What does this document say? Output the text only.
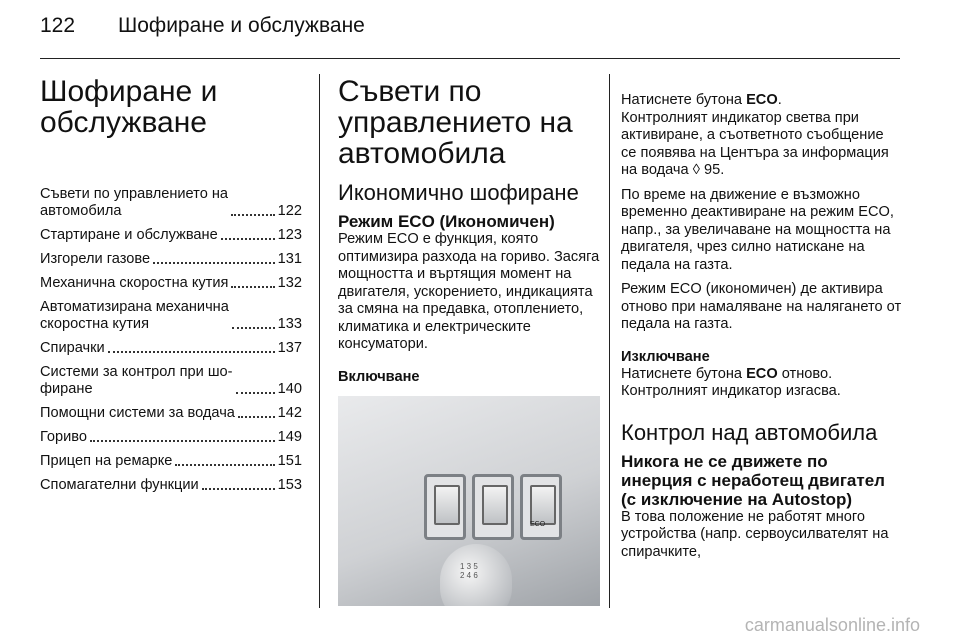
122 Шофиране и обслужване
Шофиране и
обслужване
Съвети по управлението на
автомобила	122
Стартиране и обслужване	123
Изгорели газове	131
Механична скоростна кутия	132
Автоматизирана механична
скоростна кутия	133
Спирачки	137
Системи за контрол при шо-
фиране	140
Помощни системи за водача	142
Гориво	149
Прицеп на ремарке	151
Спомагателни функции	153
Съвети по
управлението на
автомобила
Икономично шофиране
Режим ECO (Икономичен)

Режим ECO е функция, която оптимизира разхода на гориво. Засяга мощността и въртящия момент на двигателя, ускорението, индикацията за смяна на предавка, отоплението, климатика и електрическите консуматори.

Включване
ECO
1 3 5
2 4 6

Натиснете бутона ECO.
Контролният индикатор светва при активиране, а съответното съобщение се появява на Центъра за информация на водача ◊ 95.

По време на движение е възможно временно деактивиране на режим ECO, напр., за увеличаване на мощността на двигателя, чрез силно натискане на педала на газта.

Режим ECO (икономичен) де активира отново при намаляване на налягането от педала на газта.

Изключване

Натиснете бутона ECO отново.
Контролният индикатор изгасва.

Контрол над автомобила
Никога не се движете по инерция с неработещ двигател (с изключение на Autostop)

В това положение не работят много устройства (напр. сервоусилвателят на спирачките,

carmanualsonline.info
